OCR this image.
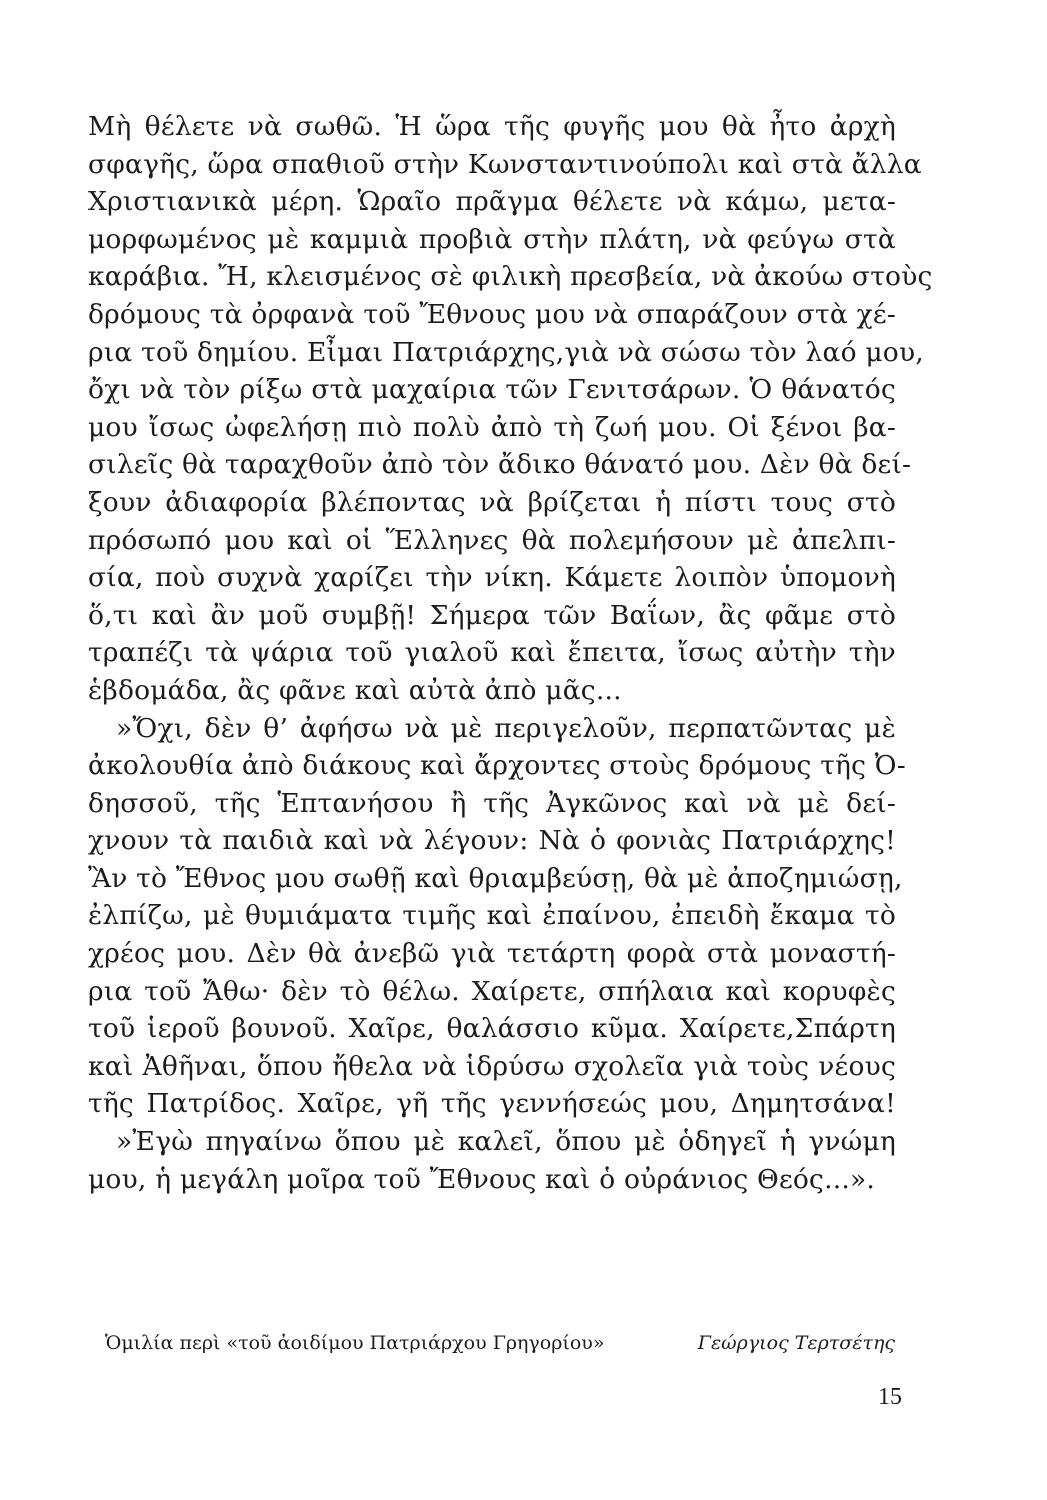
Μὴ θέλετε νὰ σωθῶ. Ἡ ὥρα τῆς φυγῆς μου θὰ ἦτο ἀρχὴ
σφαγῆς, ὥρα σπαθιοῦ στὴν Κωνσταντινούπολι καὶ στὰ ἄλλα
Χριστιανικὰ μέρη. Ὡραῖο πρᾶγμα θέλετε νὰ κάμω, μετα-
μορφωμένος μὲ καμμιὰ προβιὰ στὴν πλάτη, νὰ φεύγω στὰ
καράβια. Ἤ, κλεισμένος σὲ φιλικὴ πρεσβεία, νὰ ἀκούω στοὺς
δρόμους τὰ ὀρφανὰ τοῦ Ἔθνους μου νὰ σπαράζουν στὰ χέ-
ρια τοῦ δημίου. Εἶμαι Πατριάρχης,γιὰ νὰ σώσω τὸν λαό μου,
ὄχι νὰ τὸν ρίξω στὰ μαχαίρια τῶν Γενιτσάρων. Ὁ θάνατός
μου ἴσως ὠφελήσῃ πιὸ πολὺ ἀπὸ τὴ ζωή μου. Οἱ ξένοι βα-
σιλεῖς θὰ ταραχθοῦν ἀπὸ τὸν ἄδικο θάνατό μου. Δὲν θὰ δεί-
ξουν ἀδιαφορία βλέποντας νὰ βρίζεται ἡ πίστι τους στὸ
πρόσωπό μου καὶ οἱ Ἕλληνες θὰ πολεμήσουν μὲ ἀπελπι-
σία, ποὺ συχνὰ χαρίζει τὴν νίκη. Κάμετε λοιπὸν ὑπομονὴ
ὅ,τι καὶ ἂν μοῦ συμβῇ! Σήμερα τῶν Βαΐων, ἂς φᾶμε στὸ
τραπέζι τὰ ψάρια τοῦ γιαλοῦ καὶ ἔπειτα, ἴσως αὐτὴν τὴν
ἑβδομάδα, ἂς φᾶνε καὶ αὐτὰ ἀπὸ μᾶς...
»Ὄχι, δὲν θ’ ἀφήσω νὰ μὲ περιγελοῦν, περπατῶντας μὲ
ἀκολουθία ἀπὸ διάκους καὶ ἄρχοντες στοὺς δρόμους τῆς Ὀ-
δησσοῦ, τῆς Ἑπτανήσου ἢ τῆς Ἀγκῶνος καὶ νὰ μὲ δεί-
χνουν τὰ παιδιὰ καὶ νὰ λέγουν: Νὰ ὁ φονιὰς Πατριάρχης!
Ἂν τὸ Ἔθνος μου σωθῇ καὶ θριαμβεύσῃ, θὰ μὲ ἀποζημιώσῃ,
ἐλπίζω, μὲ θυμιάματα τιμῆς καὶ ἐπαίνου, ἐπειδὴ ἔκαμα τὸ
χρέος μου. Δὲν θὰ ἀνεβῶ γιὰ τετάρτη φορὰ στὰ μοναστή-
ρια τοῦ Ἄθω· δὲν τὸ θέλω. Χαίρετε, σπήλαια καὶ κορυφὲς
τοῦ ἱεροῦ βουνοῦ. Χαῖρε, θαλάσσιο κῦμα. Χαίρετε,Σπάρτη
καὶ Ἀθῆναι, ὅπου ἤθελα νὰ ἱδρύσω σχολεῖα γιὰ τοὺς νέους
τῆς Πατρίδος. Χαῖρε, γῆ τῆς γεννήσεώς μου, Δημητσάνα!
»Ἐγὼ πηγαίνω ὅπου μὲ καλεῖ, ὅπου μὲ ὁδηγεῖ ἡ γνώμη
μου, ἡ μεγάλη μοῖρα τοῦ Ἔθνους καὶ ὁ οὐράνιος Θεός...».
Ὁμιλία περὶ «τοῦ ἀοιδίμου Πατριάρχου Γρηγορίου»	Γεώργιος Τερτσέτης
15
